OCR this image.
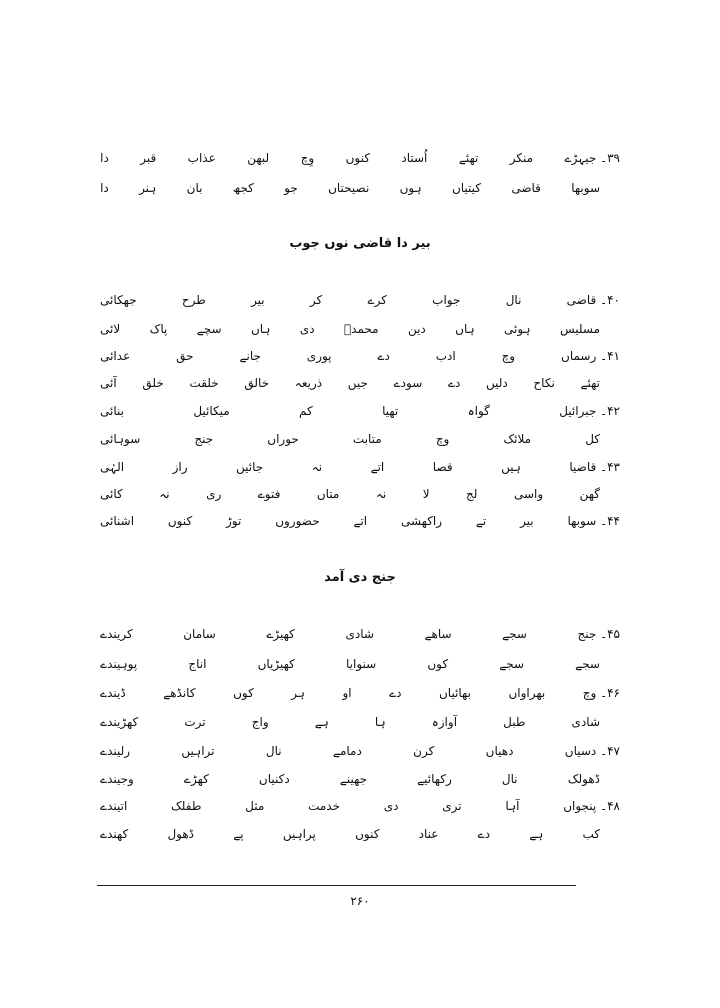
۳۹۔ جیہڑے
منکر
تھئے
اُستاد
کنوں
وِچ
لبھن
عذاب
قبر
دا
سوبھا
قاضی
کیتیاں
ہوں
نصیحتاں
جو
کجھ
بان
ہنر
دا
بیر دا قاضی نوں جوب
۴۰۔ قاضی
نال
جواب
کرے
کر
بیر
طرح
جھکائی
مسلیس
ہوئی
ہاں
دین
محمدؐ
دی
ہاں
سچے
پاک
لائی
۴۱۔ رسماں
وچ
ادب
دے
پوری
جانے
حق
عدائی
تھئے
نکاح
دلیں
دے
سودے
جیں
ذریعہ
خالق
خلقت
خلق
آئی
۴۲۔ جبرائیل
گواہ
تھیا
کم
میکائیل
بنائی
کل
ملائک
وچ
متابت
حوراں
جنج
سوہائی
۴۳۔ قاضیا
ہیں
قصا
اتے
نہ
جائیں
راز
الہٰی
گھن
واسی
لج
لا
نہ
متاں
فتوے
ری
نہ
کائی
۴۴۔ سوبھا
بیر
تے
راکھشی
اتے
حضوروں
توڑ
کنوں
اشنائی
جنج دی آمد
۴۵۔ جنج
سجے
ساھے
شادی
کھیڑے
سامان
کریندے
سجے
سجے
کوں
سنوایا
کھیڑیاں
اناج
پوہیندے
۴۶۔ وچ
بھراواں
بھائیاں
دے
او
ہر
کوں
کانڈھے
ڈیندے
شادی
طبل
آوازہ
ہا
ہے
واج
ترت
کھڑیندے
۴۷۔ دسیاں
دھیاں
کرن
دمامے
نال
تراہیں
رلیندے
ڈھولک
نال
رکھائیے
جھینے
دکنیاں
کھڑے
وجیندے
۴۸۔ پنجواں
آہا
تری
دی
خدمت
مثل
طفلک
اتیندے
کب
ہے
دے
عناد
کنوں
پراہیں
پے
ڈھول
کھندے
۲۶۰
